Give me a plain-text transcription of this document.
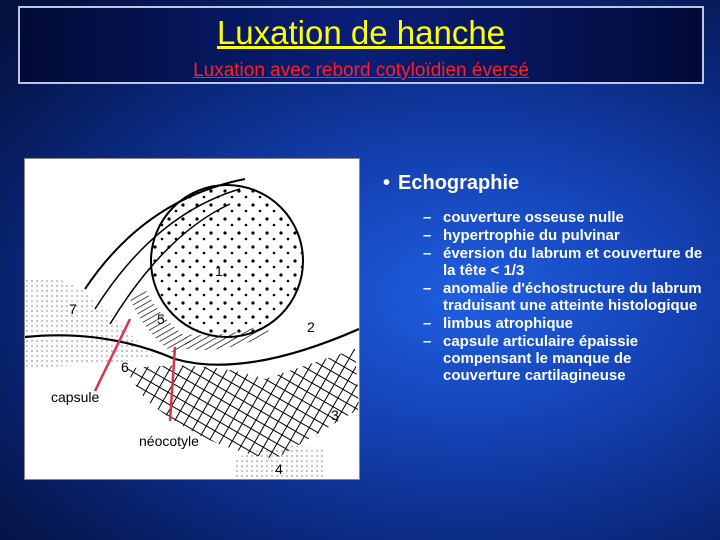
Luxation de hanche
Luxation avec rebord cotyloïdien éversé
1
2
3
4
5
6
7
capsule
néocotyle
• Echographie
– couverture osseuse nulle
– hypertrophie du pulvinar
– éversion du labrum et couverture de la tête < 1/3
– anomalie d'échostructure du labrum traduisant une atteinte histologique
– limbus atrophique
– capsule articulaire épaissie compensant le manque de couverture cartilagineuse
